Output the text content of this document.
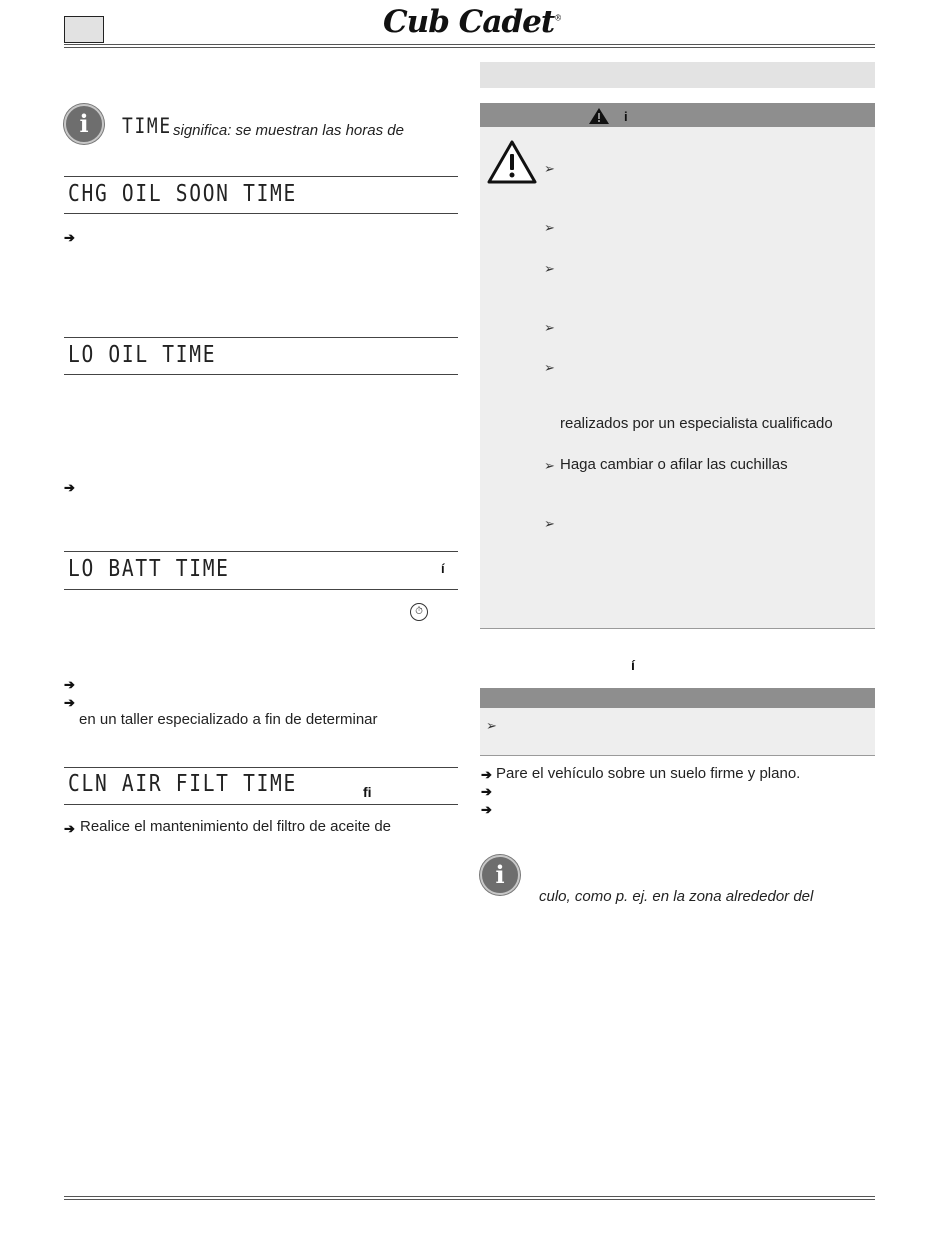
Cub Cadet®
i	TIME significa: se muestran las horas de
CHG OIL SOON TIME
➔
LO OIL TIME
➔
LO BATT TIME	í
⏱
➔
➔
en un taller especializado a fin de determinar
CLN AIR FILT TIME	fi
➔ Realice el mantenimiento del filtro de aceite de
i
➢
➢
➢
➢
➢
realizados por un especialista cualificado
➢ Haga cambiar o afilar las cuchillas
➢
í
➢
➔ Pare el vehículo sobre un suelo firme y plano.
➔
➔
i
culo, como p. ej. en la zona alrededor del
